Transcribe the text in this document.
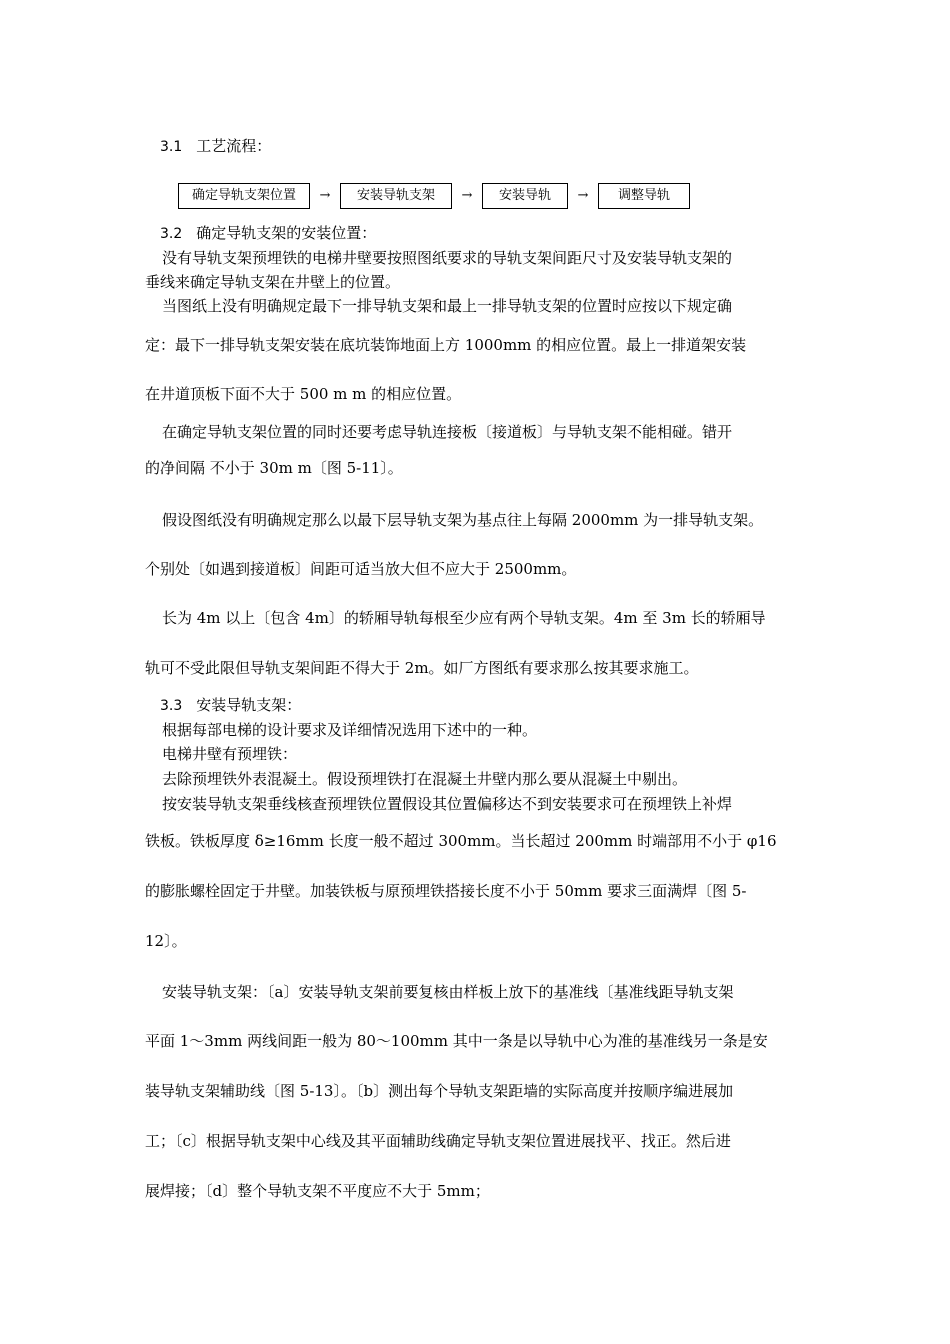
3.1 工艺流程：
确定导轨支架位置	→	安装导轨支架	→	安装导轨	→	调整导轨
3.2 确定导轨支架的安装位置：
没有导轨支架预埋铁的电梯井壁要按照图纸要求的导轨支架间距尺寸及安装导轨支架的
垂线来确定导轨支架在井壁上的位置。
当图纸上没有明确规定最下一排导轨支架和最上一排导轨支架的位置时应按以下规定确
定：最下一排导轨支架安装在底坑装饰地面上方 1000mm 的相应位置。最上一排道架安装
在井道顶板下面不大于 500 m m 的相应位置。
在确定导轨支架位置的同时还要考虑导轨连接板〔接道板〕与导轨支架不能相碰。错开
的净间隔 不小于 30m m〔图 5-11〕。
假设图纸没有明确规定那么以最下层导轨支架为基点往上每隔 2000mm 为一排导轨支架。
个别处〔如遇到接道板〕间距可适当放大但不应大于 2500mm。
长为 4m 以上〔包含 4m〕的轿厢导轨每根至少应有两个导轨支架。4m 至 3m 长的轿厢导
轨可不受此限但导轨支架间距不得大于 2m。如厂方图纸有要求那么按其要求施工。
3.3 安装导轨支架：
根据每部电梯的设计要求及详细情况选用下述中的一种。
电梯井壁有预埋铁：
去除预埋铁外表混凝土。假设预埋铁打在混凝土井壁内那么要从混凝土中剔出。
按安装导轨支架垂线核查预埋铁位置假设其位置偏移达不到安装要求可在预埋铁上补焊
铁板。铁板厚度 δ≥16mm 长度一般不超过 300mm。当长超过 200mm 时端部用不小于 φ16
的膨胀螺栓固定于井壁。加装铁板与原预埋铁搭接长度不小于 50mm 要求三面满焊〔图 5-
12〕。
安装导轨支架：〔a〕安装导轨支架前要复核由样板上放下的基准线〔基准线距导轨支架
平面 1～3mm 两线间距一般为 80～100mm 其中一条是以导轨中心为准的基准线另一条是安
装导轨支架辅助线〔图 5-13〕。〔b〕测出每个导轨支架距墙的实际高度并按顺序编进展加
工；〔c〕根据导轨支架中心线及其平面辅助线确定导轨支架位置进展找平、找正。然后进
展焊接；〔d〕整个导轨支架不平度应不大于 5mm；
